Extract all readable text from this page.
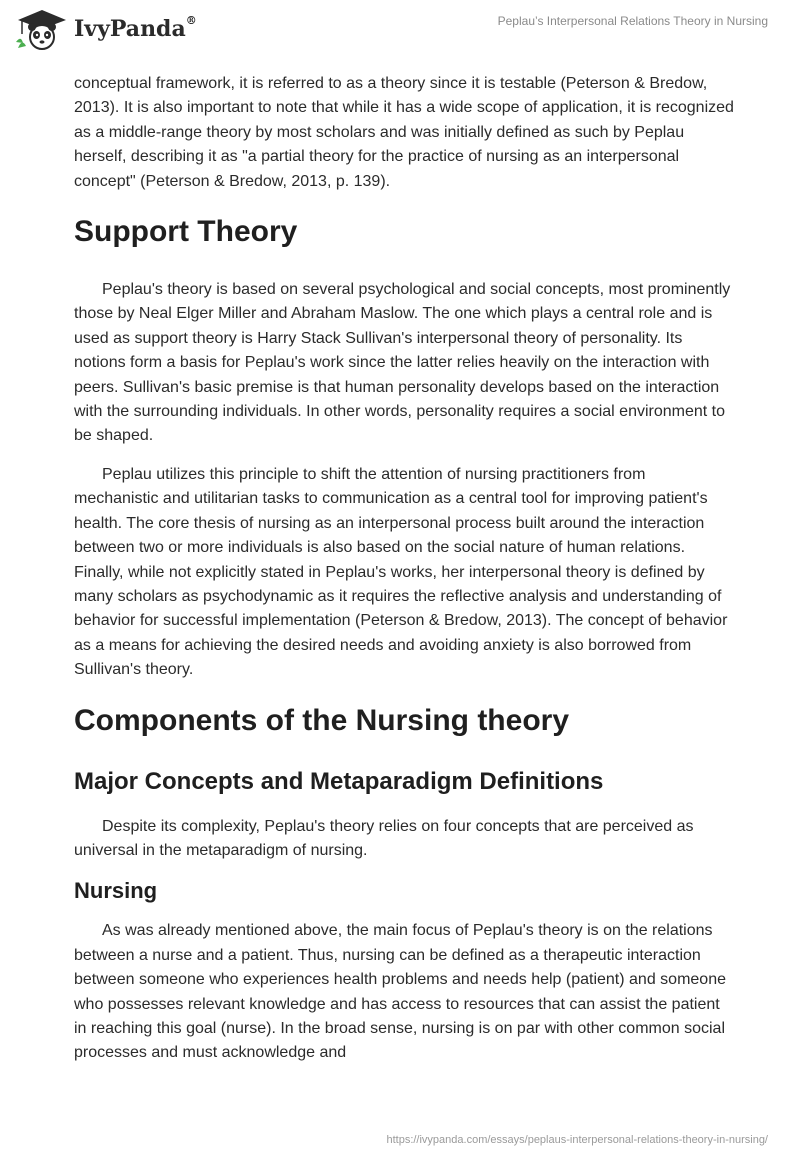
IvyPanda®	Peplau’s Interpersonal Relations Theory in Nursing

conceptual framework, it is referred to as a theory since it is testable (Peterson & Bredow, 2013). It is also important to note that while it has a wide scope of application, it is recognized as a middle-range theory by most scholars and was initially defined as such by Peplau herself, describing it as "a partial theory for the practice of nursing as an interpersonal concept" (Peterson & Bredow, 2013, p. 139).

Support Theory

Peplau's theory is based on several psychological and social concepts, most prominently those by Neal Elger Miller and Abraham Maslow. The one which plays a central role and is used as support theory is Harry Stack Sullivan's interpersonal theory of personality. Its notions form a basis for Peplau's work since the latter relies heavily on the interaction with peers. Sullivan's basic premise is that human personality develops based on the interaction with the surrounding individuals. In other words, personality requires a social environment to be shaped.

Peplau utilizes this principle to shift the attention of nursing practitioners from mechanistic and utilitarian tasks to communication as a central tool for improving patient's health. The core thesis of nursing as an interpersonal process built around the interaction between two or more individuals is also based on the social nature of human relations. Finally, while not explicitly stated in Peplau's works, her interpersonal theory is defined by many scholars as psychodynamic as it requires the reflective analysis and understanding of behavior for successful implementation (Peterson & Bredow, 2013). The concept of behavior as a means for achieving the desired needs and avoiding anxiety is also borrowed from Sullivan's theory.

Components of the Nursing theory
Major Concepts and Metaparadigm Definitions

Despite its complexity, Peplau's theory relies on four concepts that are perceived as universal in the metaparadigm of nursing.

Nursing

As was already mentioned above, the main focus of Peplau's theory is on the relations between a nurse and a patient. Thus, nursing can be defined as a therapeutic interaction between someone who experiences health problems and needs help (patient) and someone who possesses relevant knowledge and has access to resources that can assist the patient in reaching this goal (nurse). In the broad sense, nursing is on par with other common social processes and must acknowledge and

https://ivypanda.com/essays/peplaus-interpersonal-relations-theory-in-nursing/
